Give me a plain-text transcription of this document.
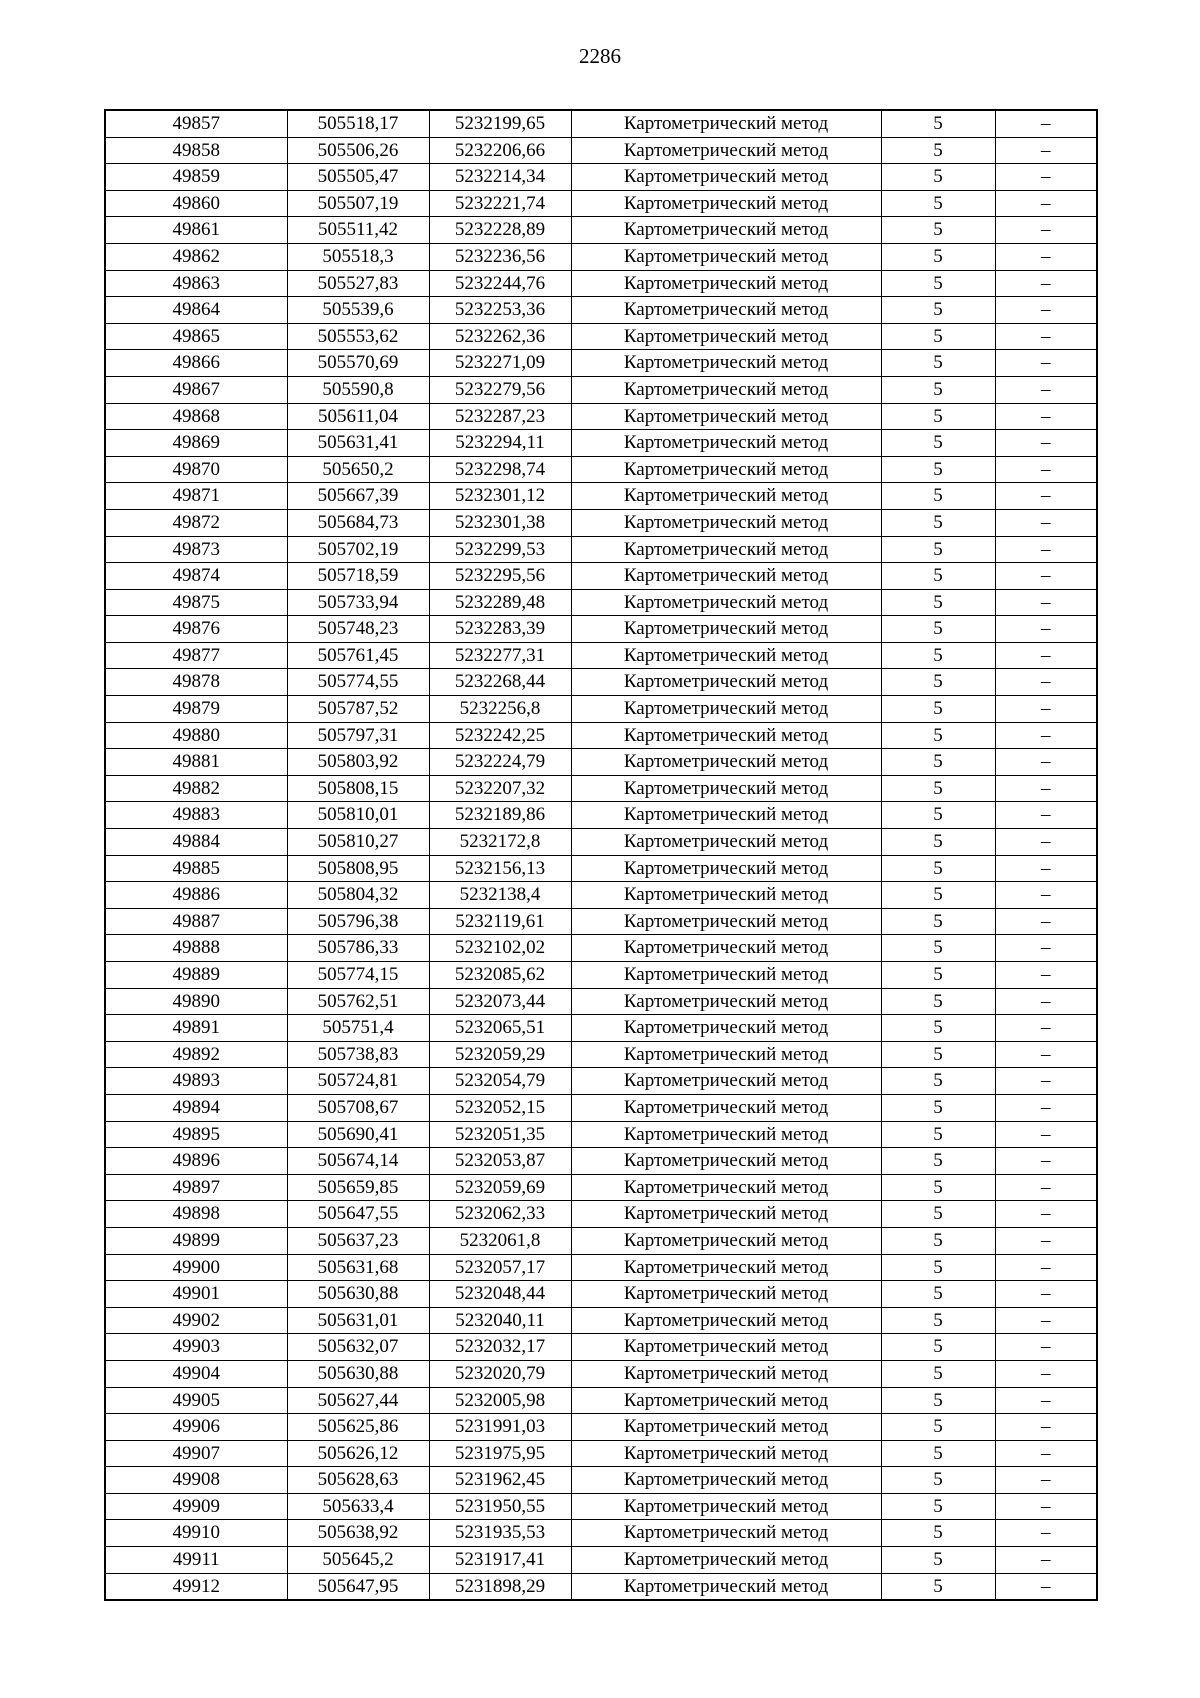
2286
49857	505518,17	5232199,65	Картометрический метод	5	–
49858	505506,26	5232206,66	Картометрический метод	5	–
49859	505505,47	5232214,34	Картометрический метод	5	–
49860	505507,19	5232221,74	Картометрический метод	5	–
49861	505511,42	5232228,89	Картометрический метод	5	–
49862	505518,3	5232236,56	Картометрический метод	5	–
49863	505527,83	5232244,76	Картометрический метод	5	–
49864	505539,6	5232253,36	Картометрический метод	5	–
49865	505553,62	5232262,36	Картометрический метод	5	–
49866	505570,69	5232271,09	Картометрический метод	5	–
49867	505590,8	5232279,56	Картометрический метод	5	–
49868	505611,04	5232287,23	Картометрический метод	5	–
49869	505631,41	5232294,11	Картометрический метод	5	–
49870	505650,2	5232298,74	Картометрический метод	5	–
49871	505667,39	5232301,12	Картометрический метод	5	–
49872	505684,73	5232301,38	Картометрический метод	5	–
49873	505702,19	5232299,53	Картометрический метод	5	–
49874	505718,59	5232295,56	Картометрический метод	5	–
49875	505733,94	5232289,48	Картометрический метод	5	–
49876	505748,23	5232283,39	Картометрический метод	5	–
49877	505761,45	5232277,31	Картометрический метод	5	–
49878	505774,55	5232268,44	Картометрический метод	5	–
49879	505787,52	5232256,8	Картометрический метод	5	–
49880	505797,31	5232242,25	Картометрический метод	5	–
49881	505803,92	5232224,79	Картометрический метод	5	–
49882	505808,15	5232207,32	Картометрический метод	5	–
49883	505810,01	5232189,86	Картометрический метод	5	–
49884	505810,27	5232172,8	Картометрический метод	5	–
49885	505808,95	5232156,13	Картометрический метод	5	–
49886	505804,32	5232138,4	Картометрический метод	5	–
49887	505796,38	5232119,61	Картометрический метод	5	–
49888	505786,33	5232102,02	Картометрический метод	5	–
49889	505774,15	5232085,62	Картометрический метод	5	–
49890	505762,51	5232073,44	Картометрический метод	5	–
49891	505751,4	5232065,51	Картометрический метод	5	–
49892	505738,83	5232059,29	Картометрический метод	5	–
49893	505724,81	5232054,79	Картометрический метод	5	–
49894	505708,67	5232052,15	Картометрический метод	5	–
49895	505690,41	5232051,35	Картометрический метод	5	–
49896	505674,14	5232053,87	Картометрический метод	5	–
49897	505659,85	5232059,69	Картометрический метод	5	–
49898	505647,55	5232062,33	Картометрический метод	5	–
49899	505637,23	5232061,8	Картометрический метод	5	–
49900	505631,68	5232057,17	Картометрический метод	5	–
49901	505630,88	5232048,44	Картометрический метод	5	–
49902	505631,01	5232040,11	Картометрический метод	5	–
49903	505632,07	5232032,17	Картометрический метод	5	–
49904	505630,88	5232020,79	Картометрический метод	5	–
49905	505627,44	5232005,98	Картометрический метод	5	–
49906	505625,86	5231991,03	Картометрический метод	5	–
49907	505626,12	5231975,95	Картометрический метод	5	–
49908	505628,63	5231962,45	Картометрический метод	5	–
49909	505633,4	5231950,55	Картометрический метод	5	–
49910	505638,92	5231935,53	Картометрический метод	5	–
49911	505645,2	5231917,41	Картометрический метод	5	–
49912	505647,95	5231898,29	Картометрический метод	5	–
